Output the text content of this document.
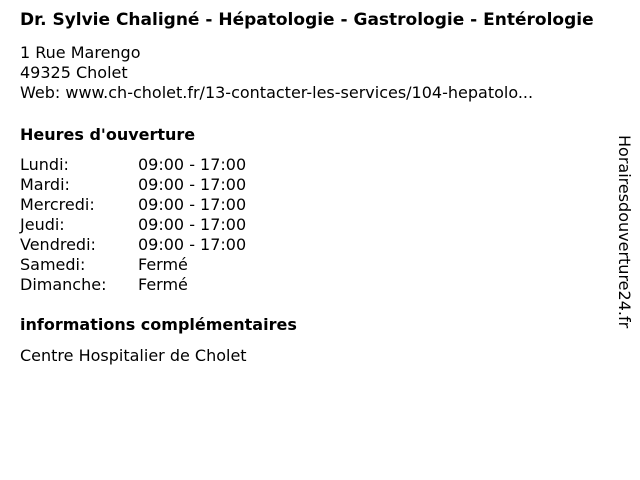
Dr. Sylvie Chaligné - Hépatologie - Gastrologie - Entérologie
1 Rue Marengo
49325 Cholet
Web: www.ch-cholet.fr/13-contacter-les-services/104-hepatolo...
Heures d'ouverture
Lundi:	09:00 - 17:00
Mardi:	09:00 - 17:00
Mercredi:	09:00 - 17:00
Jeudi:	09:00 - 17:00
Vendredi:	09:00 - 17:00
Samedi:	Fermé
Dimanche:	Fermé
informations complémentaires
Centre Hospitalier de Cholet
Horairesdouverture24.fr
